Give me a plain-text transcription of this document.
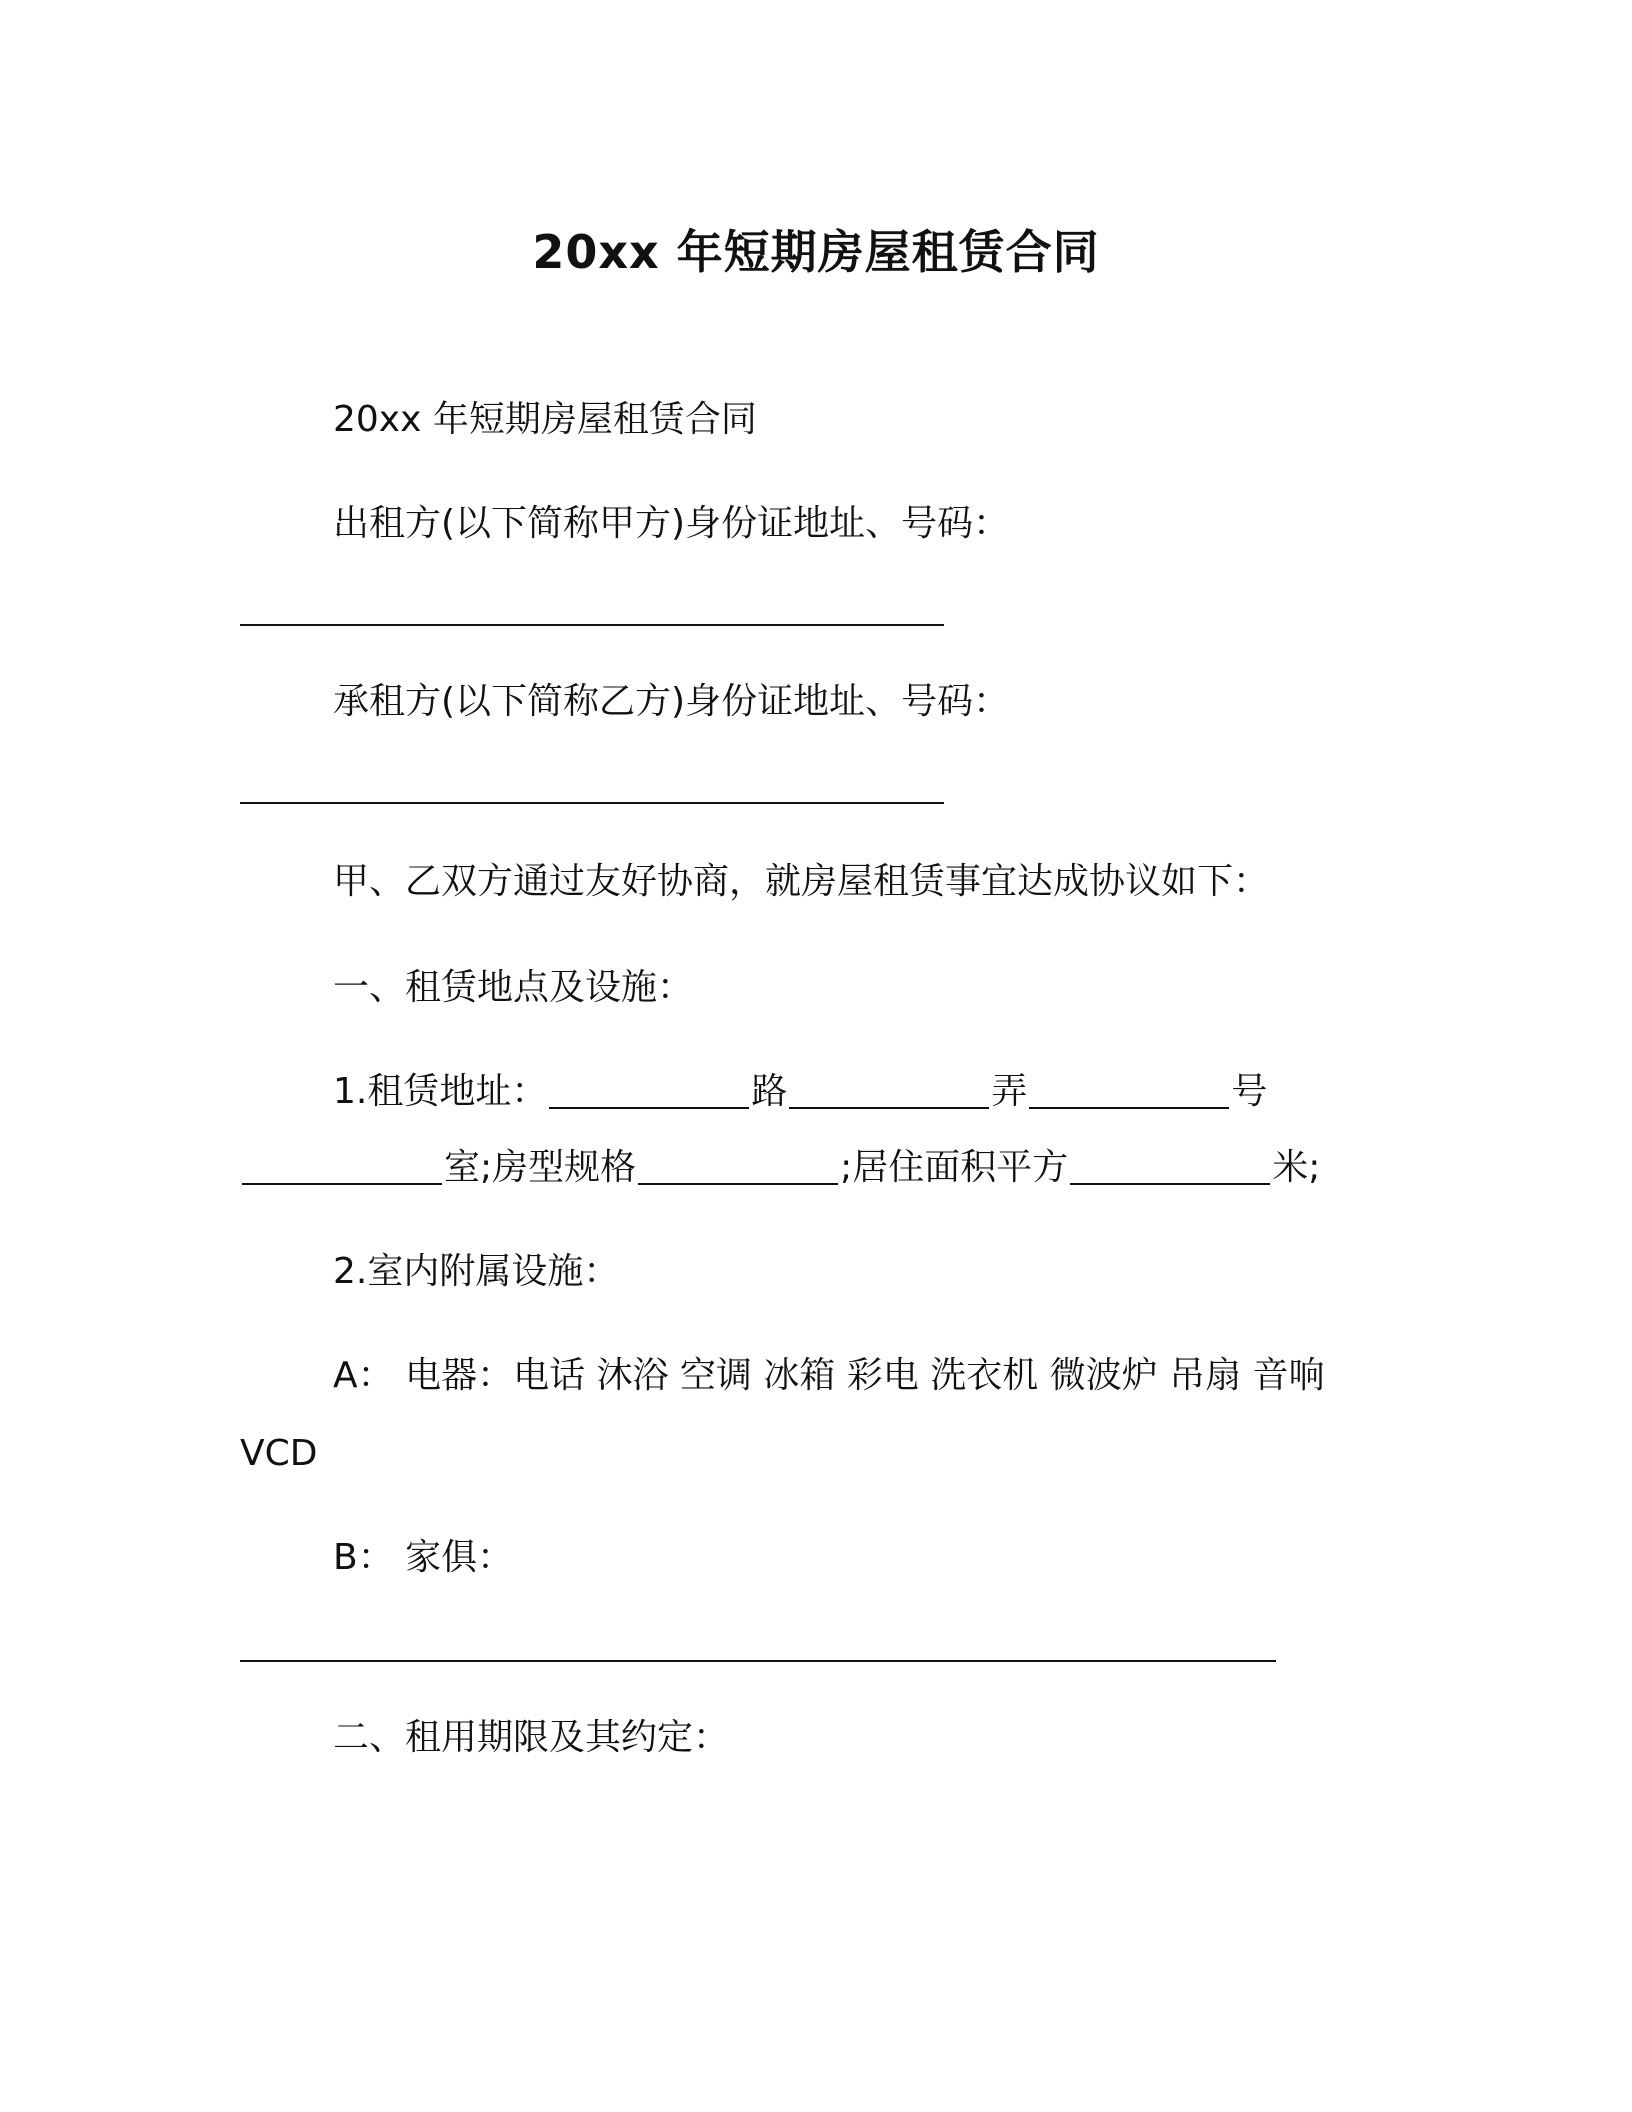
20xx 年短期房屋租赁合同
20xx 年短期房屋租赁合同
出租方(以下简称甲方)身份证地址、号码：
承租方(以下简称乙方)身份证地址、号码：
甲、乙双方通过友好协商，就房屋租赁事宜达成协议如下：
一、租赁地点及设施：
1.租赁地址：	路	弄	号
室;房型规格	;居住面积平方	米;
2.室内附属设施：
A： 电器：电话 沐浴 空调 冰箱 彩电 洗衣机 微波炉 吊扇 音响
VCD
B： 家俱：
二、租用期限及其约定：
